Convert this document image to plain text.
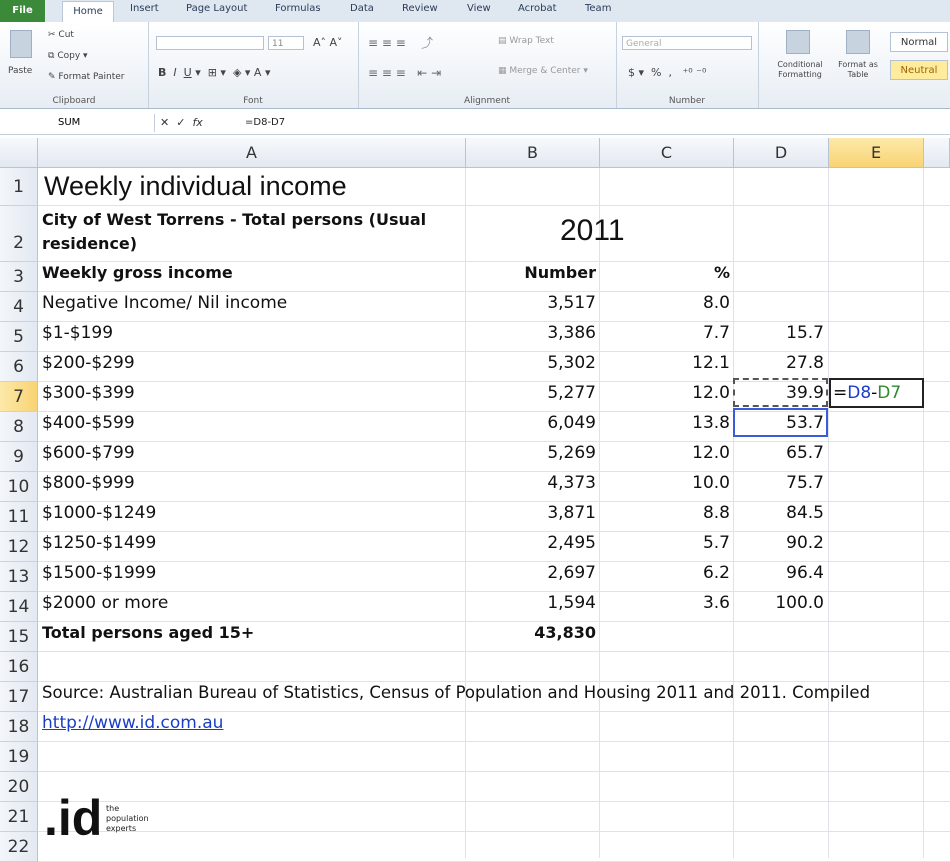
File	Home	Insert	Page Layout	Formulas	Data	Review	View	Acrobat	Team
Paste
✂ Cut
⧉ Copy ▾
✎ Format Painter
Clipboard
11	A˄ A˅
B I U ▾  ⊞ ▾  ◈ ▾ A ▾
Font
≡ ≡ ≡    ⤴
≡ ≡ ≡   ⇤ ⇥
▤ Wrap Text
▦ Merge & Center ▾
Alignment
General
$ ▾  %  ,   ⁺⁰ ⁻⁰
Number
Conditional Formatting
Format as Table
Normal
Neutral
SUM	✕ ✓ fx	=D8-D7
A	B	C	D	E
1
2
3
4
5
6
7
8
9
10
11
12
13
14
15
16
17
18
19
20
21
22
Weekly individual income
City of West Torrens - Total persons (Usual residence)	2011
Weekly gross income	Number	%
Negative Income/ Nil income	3,517	8.0
$1-$199	3,386	7.7	15.7
$200-$299	5,302	12.1	27.8
$300-$399	5,277	12.0	39.9
$400-$599	6,049	13.8	53.7
$600-$799	5,269	12.0	65.7
$800-$999	4,373	10.0	75.7
$1000-$1249	3,871	8.8	84.5
$1250-$1499	2,495	5.7	90.2
$1500-$1999	2,697	6.2	96.4
$2000 or more	1,594	3.6	100.0
Total persons aged 15+	43,830
Source: Australian Bureau of Statistics, Census of Population and Housing 2011 and 2011. Compiled
http://www.id.com.au
=D8-D7
.id the
population
experts
